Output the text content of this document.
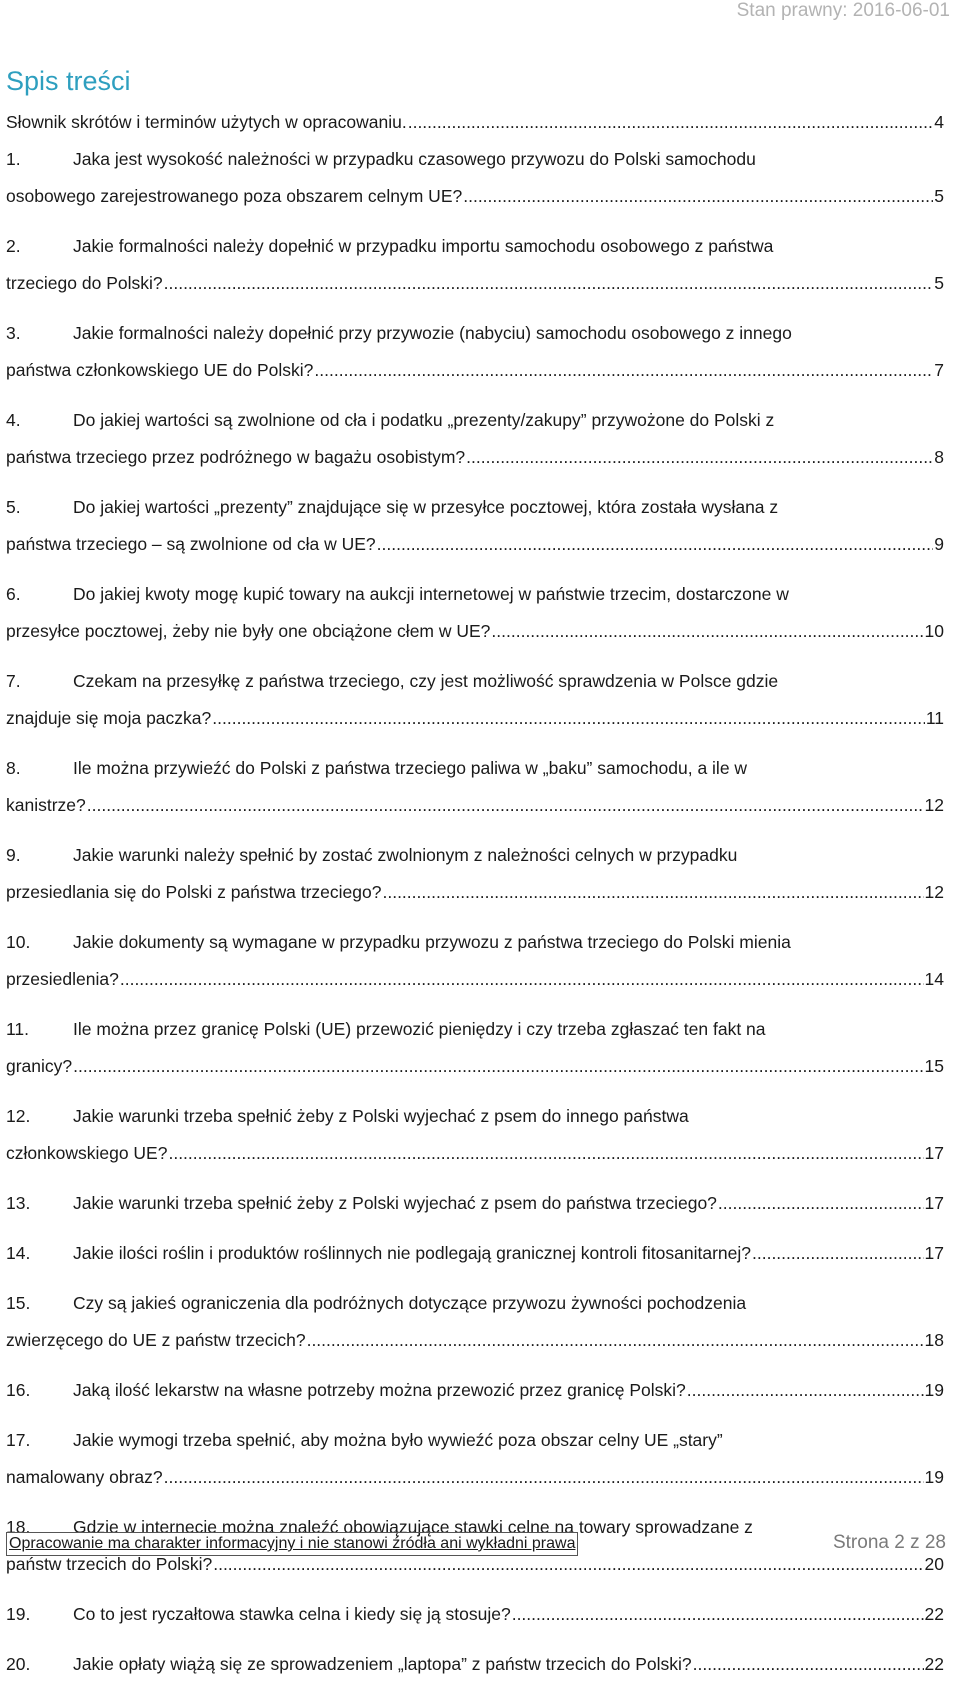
Stan prawny: 2016-06-01
Spis treści
Słownik skrótów i terminów użytych w opracowaniu. .....	4
1.	Jaka jest wysokość należności w przypadku czasowego przywozu do Polski samochodu
osobowego zarejestrowanego poza obszarem celnym UE? .....	5
2.	Jakie formalności należy dopełnić w przypadku importu samochodu osobowego z państwa
trzeciego do Polski? .....	5
3.	Jakie formalności należy dopełnić przy przywozie (nabyciu) samochodu osobowego z innego
państwa członkowskiego UE do Polski? .....	7
4.	Do jakiej wartości są zwolnione od cła i podatku „prezenty/zakupy” przywożone do Polski z
państwa trzeciego przez podróżnego w bagażu osobistym? .....	8
5.	Do jakiej wartości „prezenty” znajdujące się w przesyłce pocztowej, która została wysłana z
państwa trzeciego – są zwolnione od cła w UE? .....	9
6.	Do jakiej kwoty mogę kupić towary na aukcji internetowej w państwie trzecim, dostarczone w
przesyłce pocztowej, żeby nie były one obciążone cłem w UE? .....	10
7.	Czekam na przesyłkę z państwa trzeciego, czy jest możliwość sprawdzenia w Polsce gdzie
znajduje się moja paczka? .....	11
8.	Ile można przywieźć do Polski z państwa trzeciego paliwa w „baku” samochodu, a ile w
kanistrze? .....	12
9.	Jakie warunki należy spełnić by zostać zwolnionym z należności celnych w przypadku
przesiedlania się do Polski z państwa trzeciego? .....	12
10.	Jakie dokumenty są wymagane w przypadku przywozu z państwa trzeciego do Polski mienia
przesiedlenia? .....	14
11.	Ile można przez granicę Polski (UE) przewozić pieniędzy i czy trzeba zgłaszać ten fakt na
granicy? .....	15
12.	Jakie warunki trzeba spełnić żeby z Polski wyjechać z psem do innego państwa
członkowskiego UE? .....	17
13.	Jakie warunki trzeba spełnić żeby z Polski wyjechać z psem do państwa trzeciego? .....	17
14.	Jakie ilości roślin i produktów roślinnych nie podlegają granicznej kontroli fitosanitarnej? .....	17
15.	Czy są jakieś ograniczenia dla podróżnych dotyczące przywozu żywności pochodzenia
zwierzęcego do UE z państw trzecich? .....	18
16.	Jaką ilość lekarstw na własne potrzeby można przewozić przez granicę Polski? .....	19
17.	Jakie wymogi trzeba spełnić, aby można było wywieźć poza obszar celny UE „stary”
namalowany obraz? .....	19
18.	Gdzie w internecie można znaleźć obowiązujące stawki celne na towary sprowadzane z
państw trzecich do Polski? .....	20
19.	Co to jest ryczałtowa stawka celna i kiedy się ją stosuje? .....	22
20.	Jakie opłaty wiążą się ze sprowadzeniem „laptopa” z państw trzecich do Polski? .....	22
Opracowanie ma charakter informacyjny i nie stanowi źródła ani wykładni prawa	Strona 2 z 28
